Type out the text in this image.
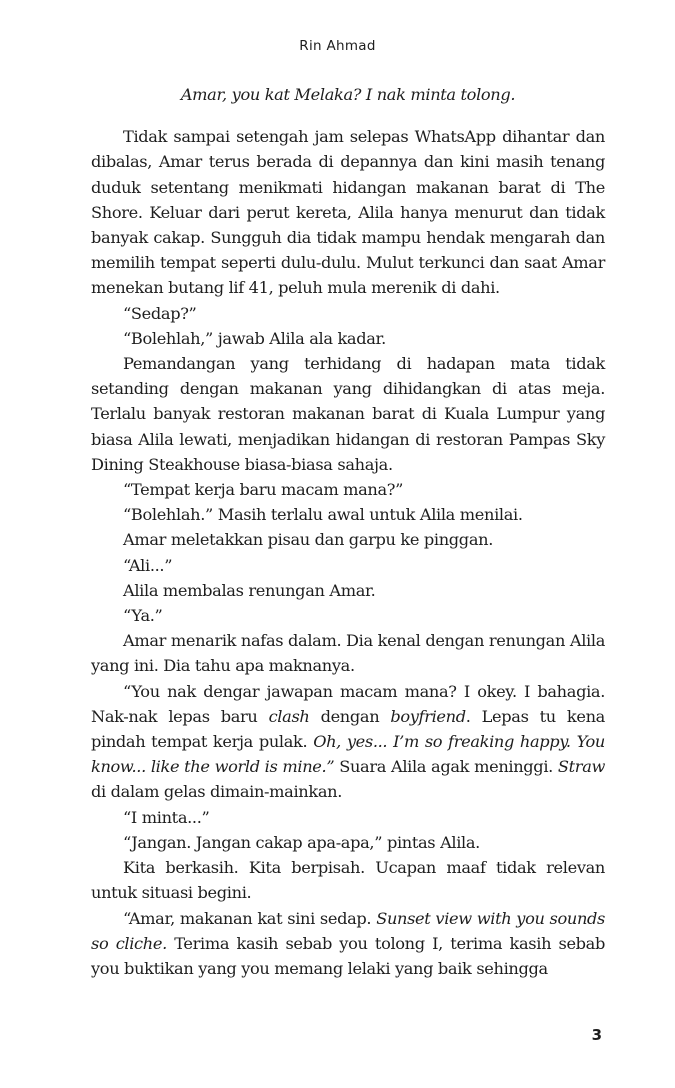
Rin Ahmad
Amar, you kat Melaka? I nak minta tolong.

Tidak sampai setengah jam selepas WhatsApp dihantar dan dibalas, Amar terus berada di depannya dan kini masih tenang duduk setentang menikmati hidangan makanan barat di The Shore. Keluar dari perut kereta, Alila hanya menurut dan tidak banyak cakap. Sungguh dia tidak mampu hendak mengarah dan memilih tempat seperti dulu-dulu. Mulut terkunci dan saat Amar menekan butang lif 41, peluh mula merenik di dahi.

“Sedap?”

“Bolehlah,” jawab Alila ala kadar.

Pemandangan yang terhidang di hadapan mata tidak setanding dengan makanan yang dihidangkan di atas meja. Terlalu banyak restoran makanan barat di Kuala Lumpur yang biasa Alila lewati, menjadikan hidangan di restoran Pampas Sky Dining Steakhouse biasa-biasa sahaja.

“Tempat kerja baru macam mana?”

“Bolehlah.” Masih terlalu awal untuk Alila menilai.

Amar meletakkan pisau dan garpu ke pinggan.

“Ali...”

Alila membalas renungan Amar.

“Ya.”

Amar menarik nafas dalam. Dia kenal dengan renungan Alila yang ini. Dia tahu apa maknanya.

“You nak dengar jawapan macam mana? I okey. I bahagia. Nak-nak lepas baru clash dengan boyfriend. Lepas tu kena pindah tempat kerja pulak. Oh, yes... I’m so freaking happy. You know... like the world is mine.” Suara Alila agak meninggi. Straw di dalam gelas dimain-mainkan.

“I minta...”

“Jangan. Jangan cakap apa-apa,” pintas Alila.

Kita berkasih. Kita berpisah. Ucapan maaf tidak relevan untuk situasi begini.

“Amar, makanan kat sini sedap. Sunset view with you sounds so cliche. Terima kasih sebab you tolong I, terima kasih sebab you buktikan yang you memang lelaki yang baik sehingga

3
